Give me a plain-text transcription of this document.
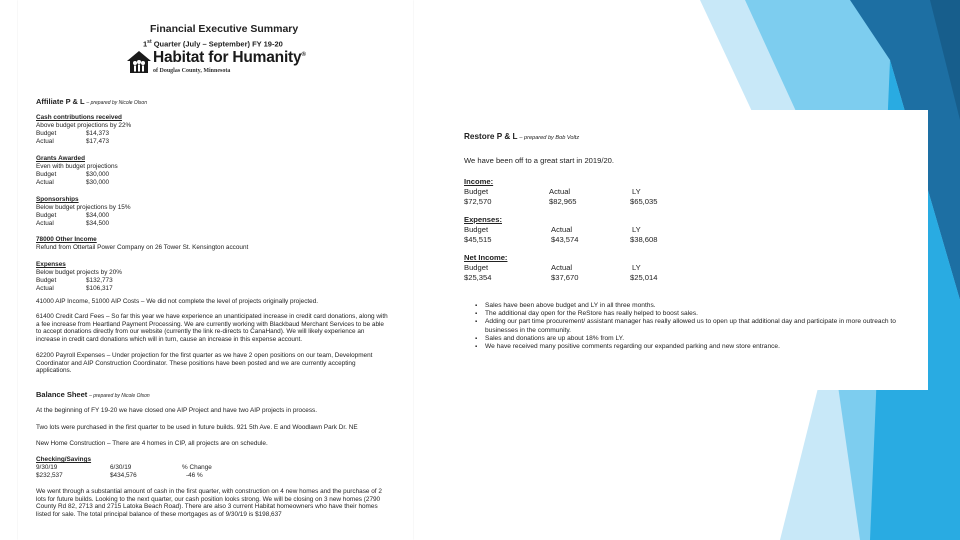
Financial Executive Summary
1st Quarter (July – September) FY 19-20
Habitat for Humanity®
of Douglas County, Minnesota
Affiliate P & L – prepared by Nicole Olson
Cash contributions received
Above budget projections by 22%
Budget	$14,373
Actual	$17,473
Grants Awarded
Even with budget projections
Budget	$30,000
Actual	$30,000
Sponsorships
Below budget projections by 15%
Budget	$34,000
Actual	$34,500
78000 Other Income
Refund from Ottertail Power Company on 26 Tower St. Kensington account
Expenses
Below budget projects by 20%
Budget	$132,773
Actual	$106,317
41000 AIP Income, 51000 AIP Costs – We did not complete the level of projects originally projected.
61400 Credit Card Fees – So far this year we have experience an unanticipated increase in credit card donations, along with a fee increase from Heartland Payment Processing. We are currently working with Blackbaud Merchant Services to be able to accept donations directly from our website (currently the link re-directs to CanaHand). We will likely experience an increase in credit card donations which will in turn, cause an increase in this expense account.
62200 Payroll Expenses – Under projection for the first quarter as we have 2 open positions on our team, Development Coordinator and AIP Construction Coordinator. These positions have been posted and we are currently accepting applications.
Balance Sheet – prepared by Nicole Olson
At the beginning of FY 19-20 we have closed one AIP Project and have two AIP projects in process.
Two lots were purchased in the first quarter to be used in future builds. 921 5th Ave. E and Woodlawn Park Dr. NE
New Home Construction – There are 4 homes in CIP, all projects are on schedule.
Checking/Savings
9/30/19	6/30/19	% Change
$232,537	$434,576	-46 %
We went through a substantial amount of cash in the first quarter, with construction on 4 new homes and the purchase of 2 lots for future builds. Looking to the next quarter, our cash position looks strong. We will be closing on 3 new homes (2790 County Rd 82, 2713 and 2715 Latoka Beach Road). There are also 3 current Habitat homeowners who have their homes listed for sale. The total principal balance of these mortgages as of 9/30/19 is $198,637
Restore P & L – prepared by Bob Voltz
We have been off to a great start in 2019/20.
Income:
Budget	Actual	LY
$72,570	$82,965	$65,035
Expenses:
Budget	Actual	LY
$45,515	$43,574	$38,608
Net Income:
Budget	Actual	LY
$25,354	$37,670	$25,014
▪ Sales have been above budget and LY in all three months.
▪ The additional day open for the ReStore has really helped to boost sales.
▪ Adding our part time procurement/ assistant manager has really allowed us to open up that additional day and participate in more outreach to businesses in the community.
▪ Sales and donations are up about 18% from LY.
▪ We have received many positive comments regarding our expanded parking and new store entrance.
